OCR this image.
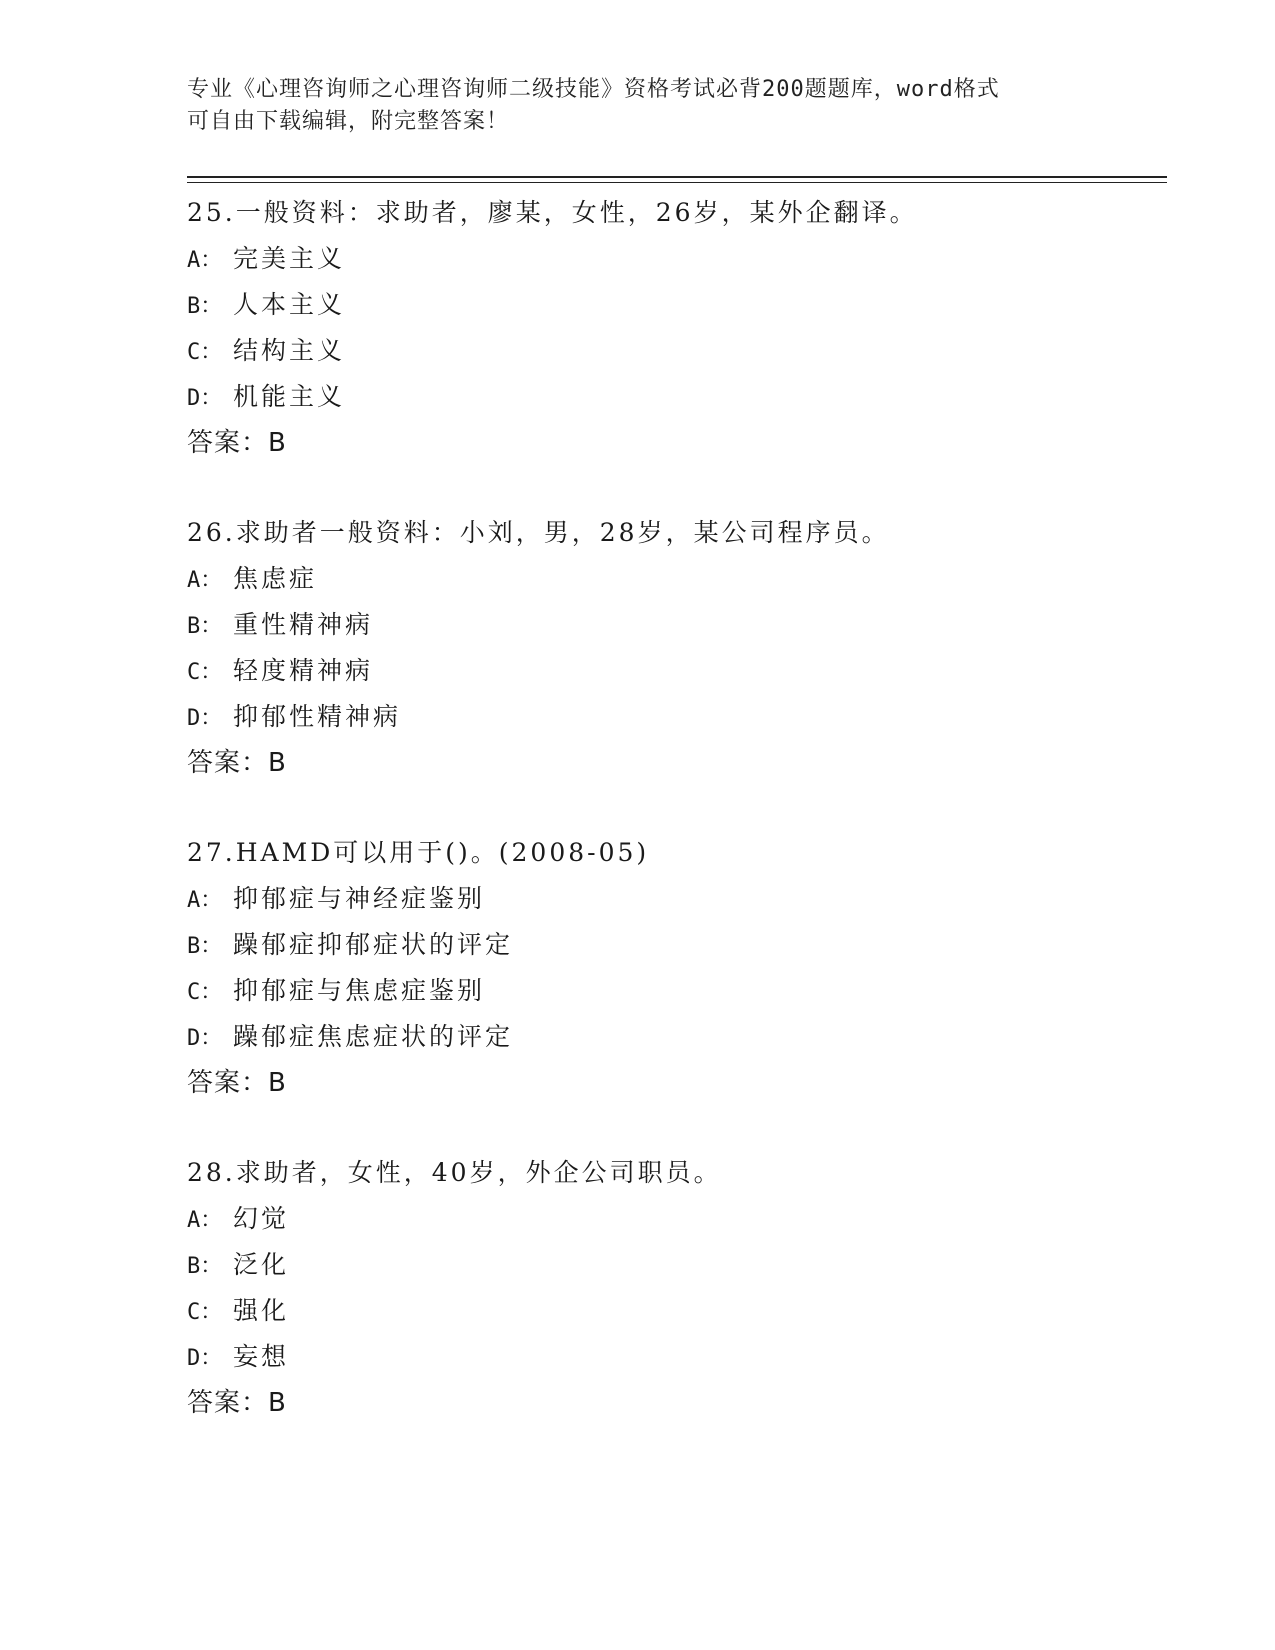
专业《心理咨询师之心理咨询师二级技能》资格考试必背200题题库，word格式
可自由下载编辑，附完整答案！
25.一般资料：求助者，廖某，女性，26岁，某外企翻译。
A： 完美主义
B： 人本主义
C： 结构主义
D： 机能主义
答案：B
26.求助者一般资料：小刘，男，28岁，某公司程序员。
A： 焦虑症
B： 重性精神病
C： 轻度精神病
D： 抑郁性精神病
答案：B
27.HAMD可以用于()。(2008-05)
A： 抑郁症与神经症鉴别
B： 躁郁症抑郁症状的评定
C： 抑郁症与焦虑症鉴别
D： 躁郁症焦虑症状的评定
答案：B
28.求助者，女性，40岁，外企公司职员。
A： 幻觉
B： 泛化
C： 强化
D： 妄想
答案：B
